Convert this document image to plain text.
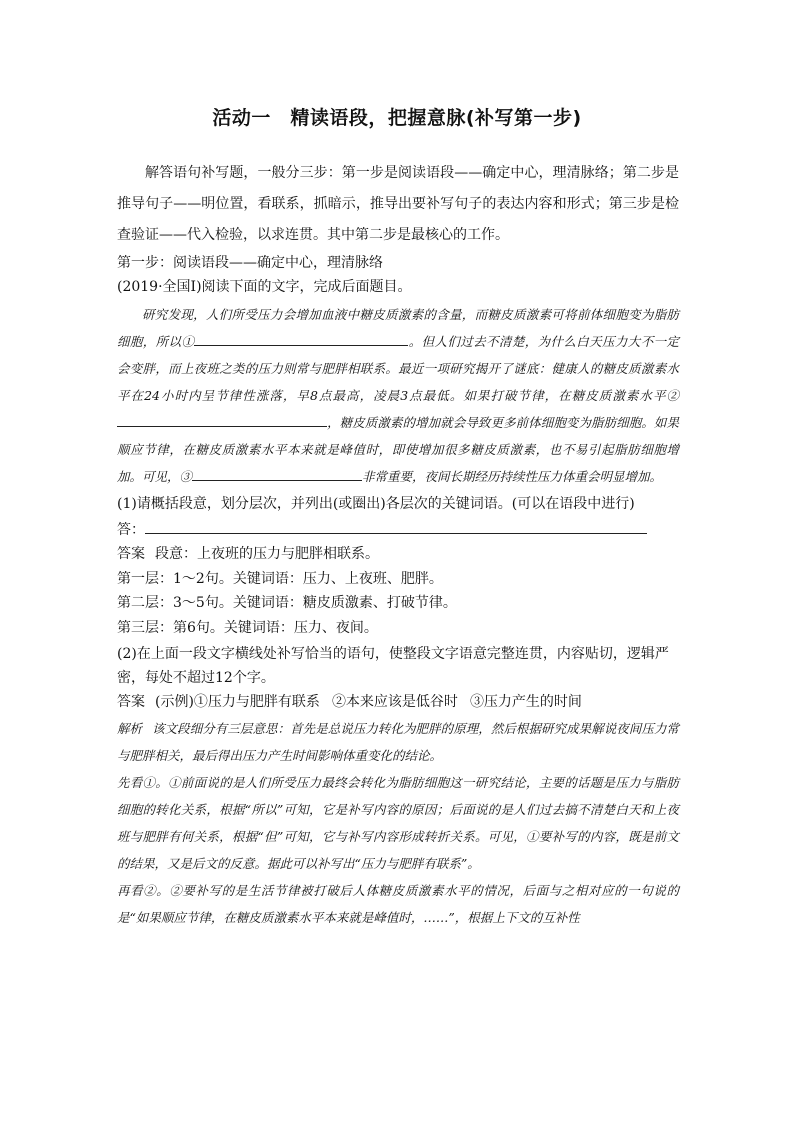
活动一　精读语段，把握意脉(补写第一步)

解答语句补写题，一般分三步：第一步是阅读语段——确定中心，理清脉络；第二步是推导句子——明位置，看联系，抓暗示，推导出要补写句子的表达内容和形式；第三步是检查验证——代入检验，以求连贯。其中第二步是最核心的工作。

第一步：阅读语段——确定中心，理清脉络

(2019·全国Ⅰ)阅读下面的文字，完成后面题目。

研究发现，人们所受压力会增加血液中糖皮质激素的含量，而糖皮质激素可将前体细胞变为脂肪细胞，所以①	。但人们过去不清楚，为什么白天压力大不一定会变胖，而上夜班之类的压力则常与肥胖相联系。最近一项研究揭开了谜底：健康人的糖皮质激素水平在24小时内呈节律性涨落，早8点最高，凌晨3点最低。如果打破节律，在糖皮质激素水平②，糖皮质激素的增加就会导致更多前体细胞变为脂肪细胞。如果顺应节律，在糖皮质激素水平本来就是峰值时，即使增加很多糖皮质激素，也不易引起脂肪细胞增加。可见，③	非常重要，夜间长期经历持续性压力体重会明显增加。

(1)请概括段意，划分层次，并列出(或圈出)各层次的关键词语。(可以在语段中进行)

答：

答案 段意：上夜班的压力与肥胖相联系。

第一层：1～2句。关键词语：压力、上夜班、肥胖。

第二层：3～5句。关键词语：糖皮质激素、打破节律。

第三层：第6句。关键词语：压力、夜间。

(2)在上面一段文字横线处补写恰当的语句，使整段文字语意完整连贯，内容贴切，逻辑严密，每处不超过12个字。

答案 (示例)①压力与肥胖有联系 ②本来应该是低谷时 ③压力产生的时间

解析 该文段细分有三层意思：首先是总说压力转化为肥胖的原理，然后根据研究成果解说夜间压力常与肥胖相关，最后得出压力产生时间影响体重变化的结论。

先看①。①前面说的是人们所受压力最终会转化为脂肪细胞这一研究结论，主要的话题是压力与脂肪细胞的转化关系，根据“所以”可知，它是补写内容的原因；后面说的是人们过去搞不清楚白天和上夜班与肥胖有何关系，根据“但”可知，它与补写内容形成转折关系。可见，①要补写的内容，既是前文的结果，又是后文的反意。据此可以补写出“压力与肥胖有联系”。

再看②。②要补写的是生活节律被打破后人体糖皮质激素水平的情况，后面与之相对应的一句说的是“如果顺应节律，在糖皮质激素水平本来就是峰值时，……”，根据上下文的互补性
